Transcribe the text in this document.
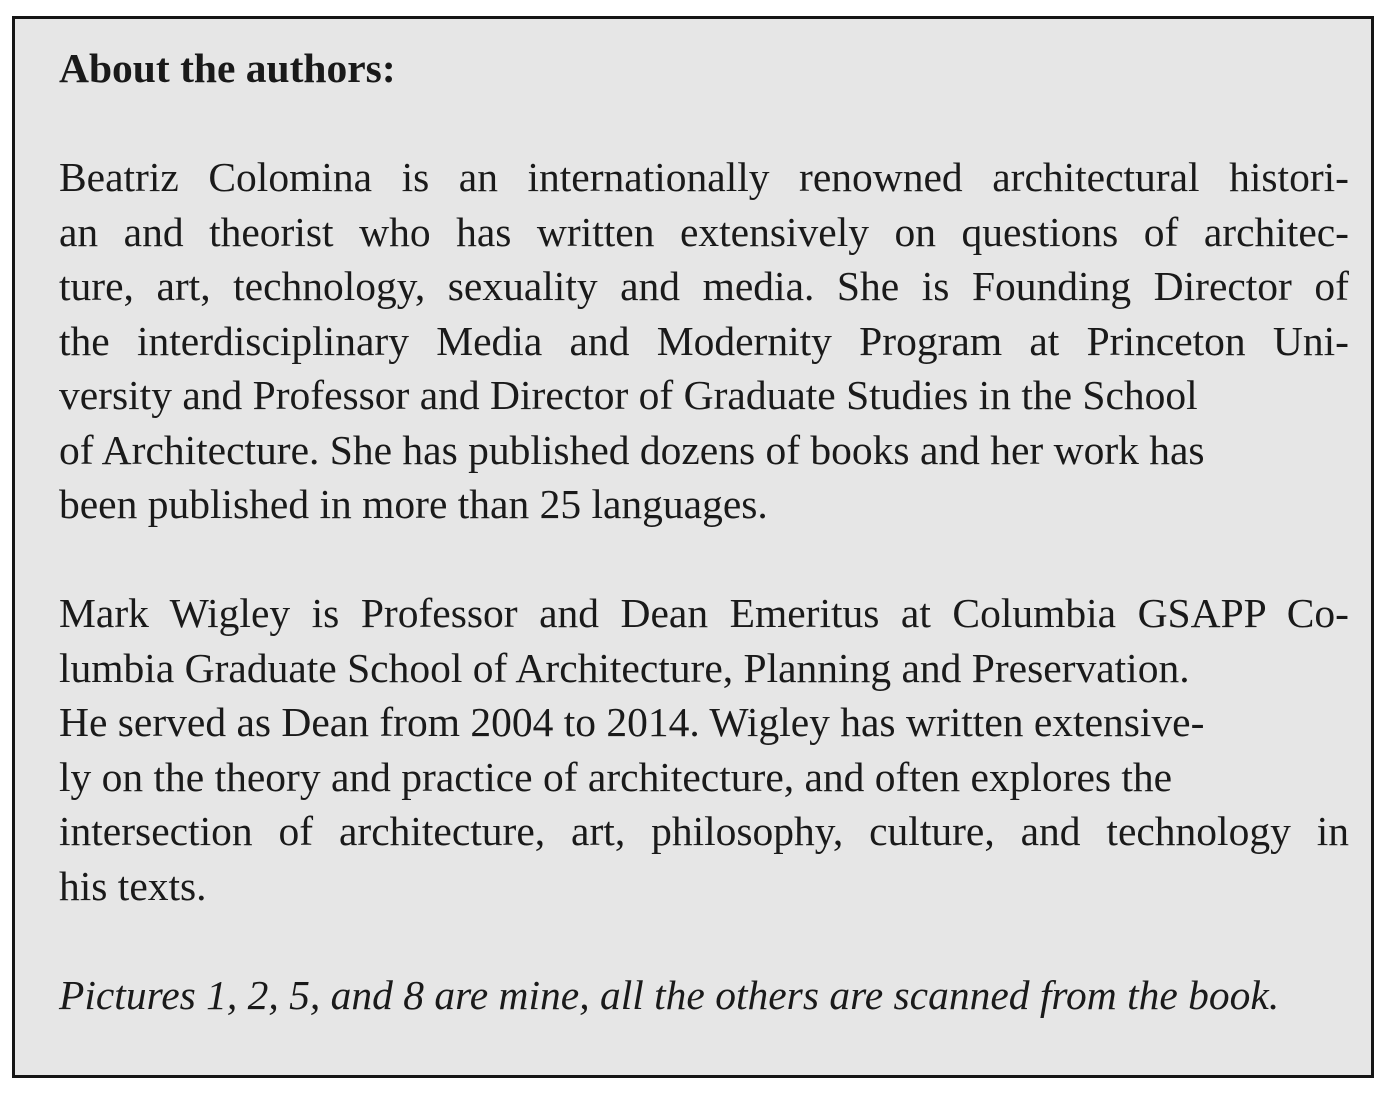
About the authors:
Beatriz Colomina is an internationally renowned architectural histori-
an and theorist who has written extensively on questions of architec-
ture, art, technology, sexuality and media. She is Founding Director of
the interdisciplinary Media and Modernity Program at Princeton Uni-
versity and Professor and Director of Graduate Studies in the School
of Architecture. She has published dozens of books and her work has
been published in more than 25 languages.
Mark Wigley is Professor and Dean Emeritus at Columbia GSAPP Co-
lumbia Graduate School of Architecture, Planning and Preservation.
He served as Dean from 2004 to 2014. Wigley has written extensive-
ly on the theory and practice of architecture, and often explores the
intersection of architecture, art, philosophy, culture, and technology in
his texts.
Pictures 1, 2, 5, and 8 are mine, all the others are scanned from the book.
